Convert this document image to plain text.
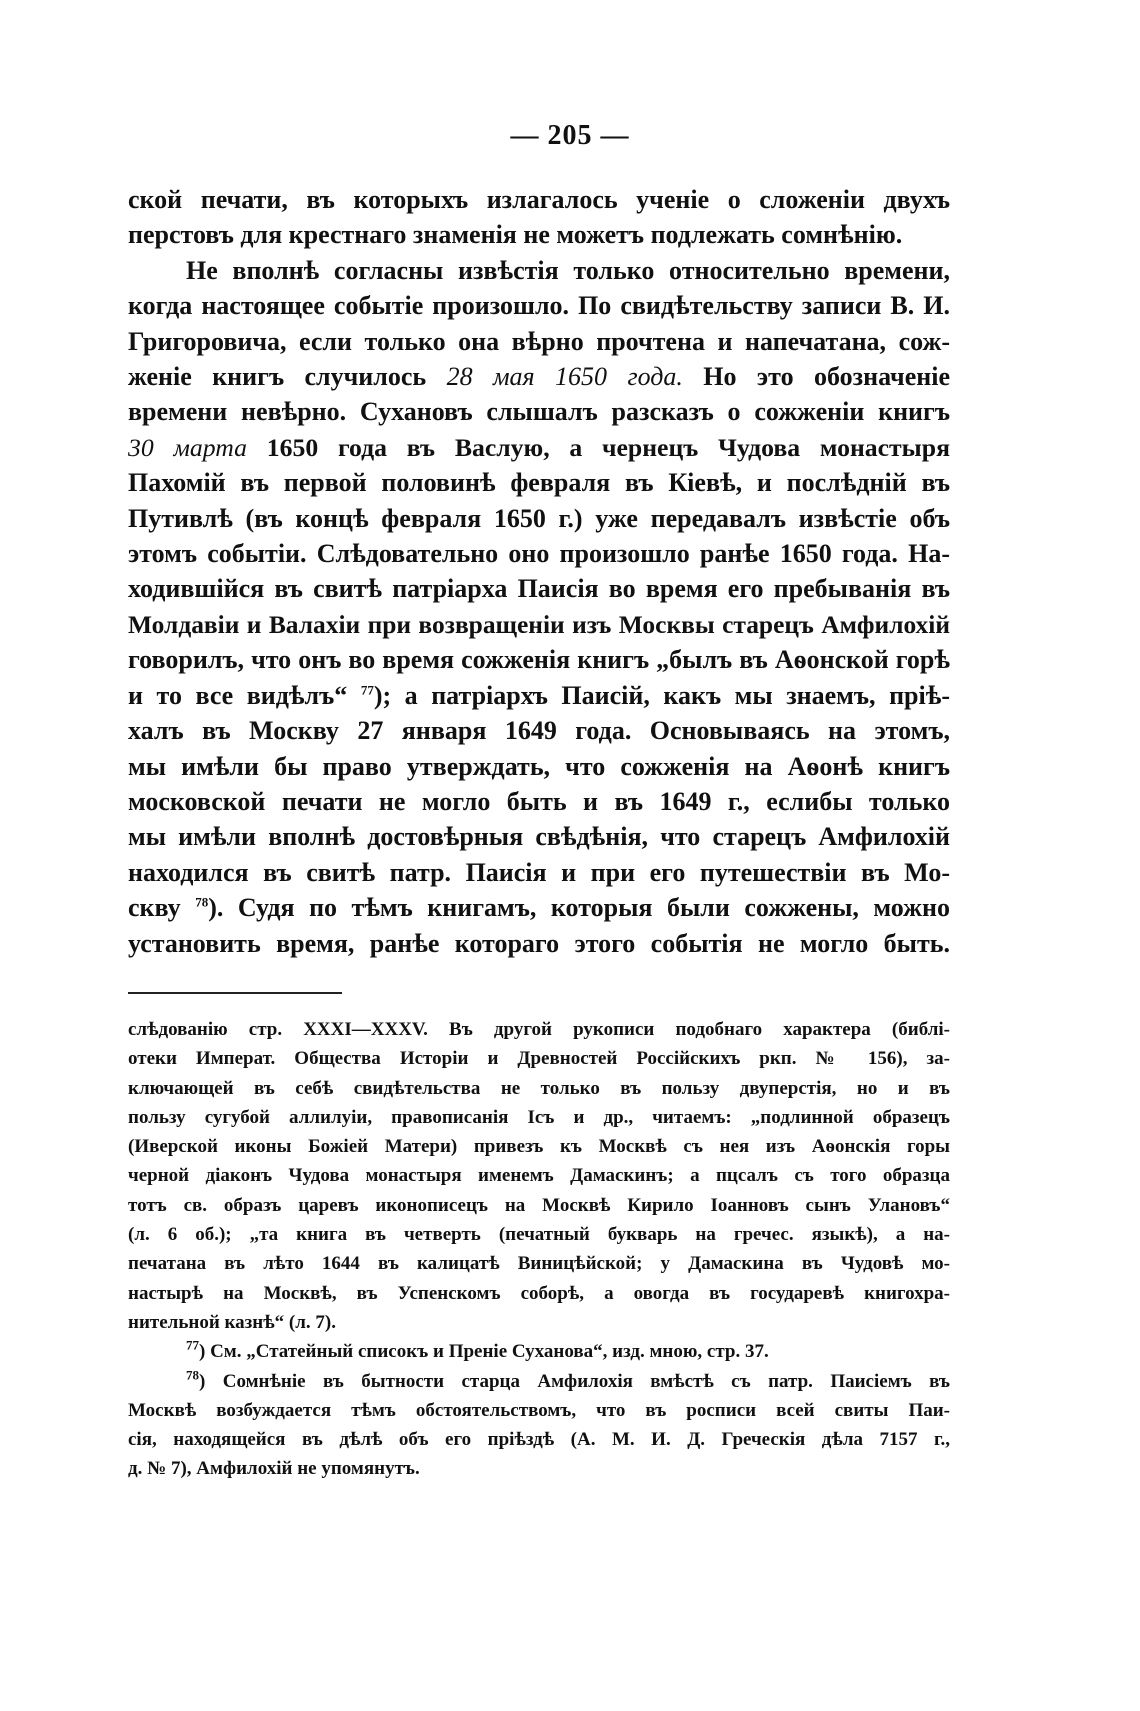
— 205 —
ской печати, въ которыхъ излагалось ученіе о сложеніи двухъ
перстовъ для крестнаго знаменія не можетъ подлежать сомнѣнію.
Не вполнѣ согласны извѣстія только относительно времени,
когда настоящее событіе произошло. По свидѣтельству записи В. И.
Григоровича, если только она вѣрно прочтена и напечатана, сож-
женіе книгъ случилось 28 мая 1650 года. Но это обозначеніе
времени невѣрно. Сухановъ слышалъ разсказъ о сожженіи книгъ
30 марта 1650 года въ Васлую, а чернецъ Чудова монастыря
Пахомій въ первой половинѣ февраля въ Кіевѣ, и послѣдній въ
Путивлѣ (въ концѣ февраля 1650 г.) уже передавалъ извѣстіе объ
этомъ событіи. Слѣдовательно оно произошло ранѣе 1650 года. На-
ходившійся въ свитѣ патріарха Паисія во время его пребыванія въ
Молдавіи и Валахіи при возвращеніи изъ Москвы старецъ Амфилохій
говорилъ, что онъ во время сожженія книгъ „былъ въ Аѳонской горѣ
и то все видѣлъ“ $^{77}$); а патріархъ Паисій, какъ мы знаемъ, пріѣ-
халъ въ Москву 27 января 1649 года. Основываясь на этомъ,
мы имѣли бы право утверждать, что сожженія на Аѳонѣ книгъ
московской печати не могло быть и въ 1649 г., еслибы только
мы имѣли вполнѣ достовѣрныя свѣдѣнія, что старецъ Амфилохій
находился въ свитѣ патр. Паисія и при его путешествіи въ Мо-
скву $^{78}$). Судя по тѣмъ книгамъ, которыя были сожжены, можно
установить время, ранѣе котораго этого событія не могло быть.
слѣдованію стр. XXXI—XXXV. Въ другой рукописи подобнаго характера (библі-
отеки Императ. Общества Исторіи и Древностей Россійскихъ ркп. № 156), за-
ключающей въ себѣ свидѣтельства не только въ пользу двуперстія, но и въ
пользу сугубой аллилуіи, правописанія Ісъ и др., читаемъ: „подлинной образецъ
(Иверской иконы Божіей Матери) привезъ къ Москвѣ съ нея изъ Аѳонскія горы
черной діаконъ Чудова монастыря именемъ Дамаскинъ; а пцсалъ съ того образца
тотъ св. образъ царевъ иконописецъ на Москвѣ Кирило Іоанновъ сынъ Улановъ“
(л. 6 об.); „та книга въ четверть (печатный букварь на гречес. языкѣ), а на-
печатана въ лѣто 1644 въ калицатѣ Виницѣйской; у Дамаскина въ Чудовѣ мо-
настырѣ на Москвѣ, въ Успенскомъ соборѣ, а овогда въ государевѣ книгохра-
нительной казнѣ“ (л. 7).
$^{77}$) См. „Статейный списокъ и Преніе Суханова“, изд. мною, стр. 37.
$^{78}$) Сомнѣніе въ бытности старца Амфилохія вмѣстѣ съ патр. Паисіемъ въ
Москвѣ возбуждается тѣмъ обстоятельствомъ, что въ росписи всей свиты Паи-
сія, находящейся въ дѣлѣ объ его пріѣздѣ (А. М. И. Д. Греческія дѣла 7157 г.,
д. № 7), Амфилохій не упомянутъ.
